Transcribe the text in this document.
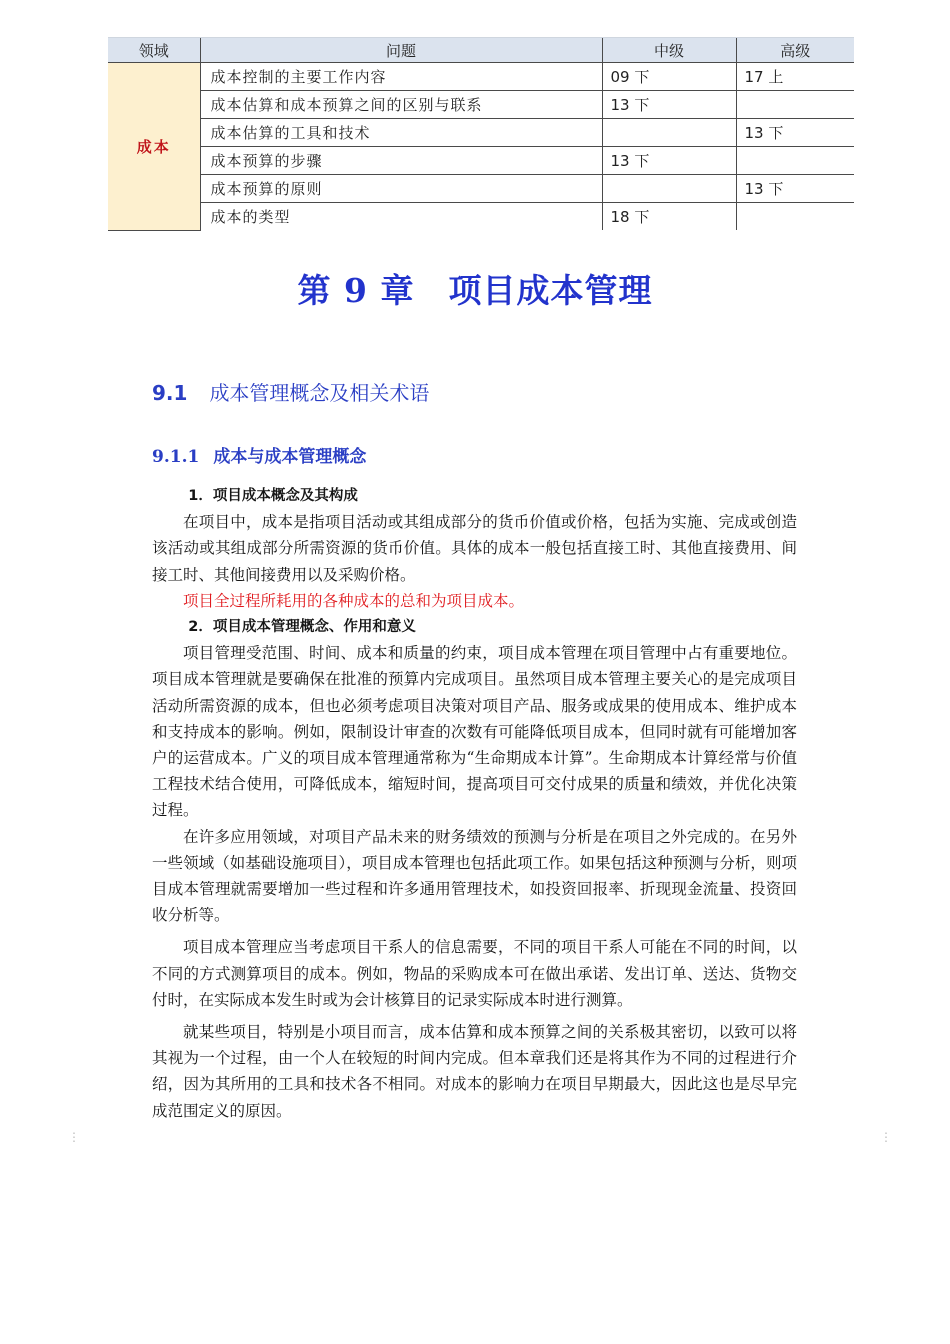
领域	问题	中级	高级
成本	成本控制的主要工作内容	09 下	17 上
	成本估算和成本预算之间的区别与联系	13 下	
	成本估算的工具和技术		13 下
	成本预算的步骤	13 下	
	成本预算的原则		13 下
	成本的类型	18 下	
第 9 章 项目成本管理
9.1 成本管理概念及相关术语
9.1.1 成本与成本管理概念

1．项目成本概念及其构成

在项目中，成本是指项目活动或其组成部分的货币价值或价格，包括为实施、完成或创造该活动或其组成部分所需资源的货币价值。具体的成本一般包括直接工时、其他直接费用、间接工时、其他间接费用以及采购价格。

项目全过程所耗用的各种成本的总和为项目成本。

2．项目成本管理概念、作用和意义

项目管理受范围、时间、成本和质量的约束，项目成本管理在项目管理中占有重要地位。项目成本管理就是要确保在批准的预算内完成项目。虽然项目成本管理主要关心的是完成项目活动所需资源的成本，但也必须考虑项目决策对项目产品、服务或成果的使用成本、维护成本和支持成本的影响。例如，限制设计审查的次数有可能降低项目成本，但同时就有可能增加客户的运营成本。广义的项目成本管理通常称为“生命期成本计算”。生命期成本计算经常与价值工程技术结合使用，可降低成本，缩短时间，提高项目可交付成果的质量和绩效，并优化决策过程。

在许多应用领域，对项目产品未来的财务绩效的预测与分析是在项目之外完成的。在另外一些领域（如基础设施项目），项目成本管理也包括此项工作。如果包括这种预测与分析，则项目成本管理就需要增加一些过程和许多通用管理技术，如投资回报率、折现现金流量、投资回收分析等。

项目成本管理应当考虑项目干系人的信息需要，不同的项目干系人可能在不同的时间，以不同的方式测算项目的成本。例如，物品的采购成本可在做出承诺、发出订单、送达、货物交付时，在实际成本发生时或为会计核算目的记录实际成本时进行测算。

就某些项目，特别是小项目而言，成本估算和成本预算之间的关系极其密切，以致可以将其视为一个过程，由一个人在较短的时间内完成。但本章我们还是将其作为不同的过程进行介绍，因为其所用的工具和技术各不相同。对成本的影响力在项目早期最大，因此这也是尽早完成范围定义的原因。

⋮	⋮
